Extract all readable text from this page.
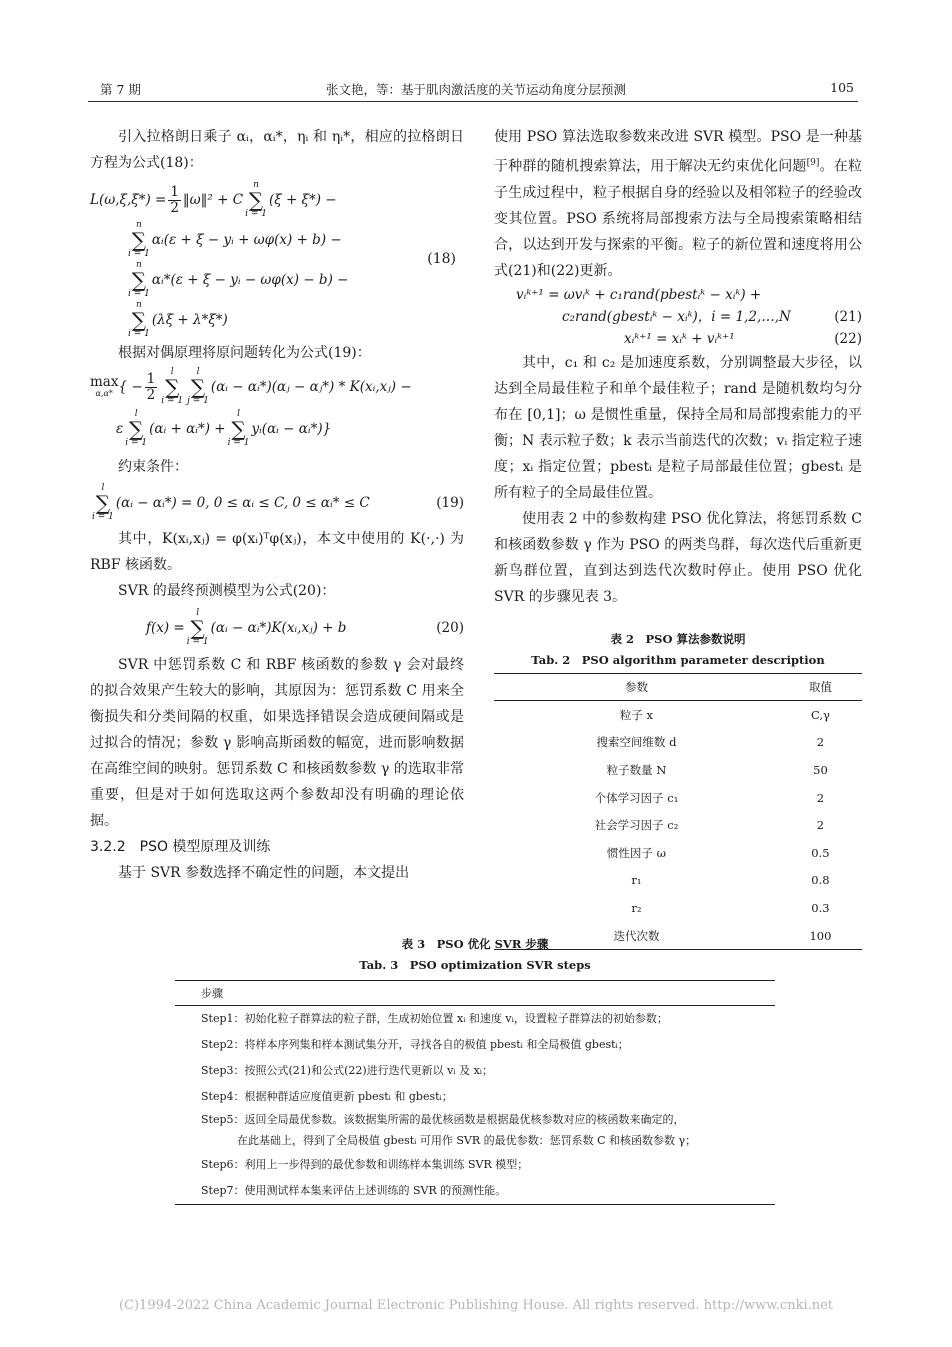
第 7 期	张文艳，等：基于肌肉激活度的关节运动角度分层预测	105

引入拉格朗日乘子 αᵢ，αᵢ*，ηᵢ 和 ηᵢ*，相应的拉格朗日方程为公式(18)：

$L(\omega,\xi,\xi*) = \frac{1}{2}$ ‖ω‖² + C
n
∑
i = 1
(ξ + ξ*) −
n
∑
i = 1
αᵢ(ε + ξ − yᵢ + ωφ(x) + b) −
n
∑
i = 1
αᵢ*(ε + ξ − yᵢ − ωφ(x) − b) −
n
∑
i = 1
(λξ + λ*ξ*)
(18)

根据对偶原理将原问题转化为公式(19)：

max
α,α* { − $\frac{1}{2}$ l
∑
i = 1
l
∑
j = 1
(αᵢ − αᵢ*)(αⱼ − αⱼ*) * K(xᵢ,xⱼ) −
ε
l
∑
i = 1
(αᵢ + αᵢ*) +
l
∑
i = 1
yᵢ(αᵢ − αᵢ*)}

约束条件：

l
∑
i = 1
(αᵢ − αᵢ*) = 0, 0 ≤ αᵢ ≤ C, 0 ≤ αᵢ* ≤ C	(19)

其中，K(xᵢ,xⱼ) = φ(xᵢ)ᵀφ(xⱼ)，本文中使用的 K(·,·) 为 RBF 核函数。

SVR 的最终预测模型为公式(20)：

f(x) =
l
∑
i = 1
(αᵢ − αᵢ*)K(xᵢ,xⱼ) + b	(20)

SVR 中惩罚系数 C 和 RBF 核函数的参数 γ 会对最终的拟合效果产生较大的影响，其原因为：惩罚系数 C 用来全衡损失和分类间隔的权重，如果选择错误会造成硬间隔或是过拟合的情况；参数 γ 影响高斯函数的幅宽，进而影响数据在高维空间的映射。惩罚系数 C 和核函数参数 γ 的选取非常重要，但是对于如何选取这两个参数却没有明确的理论依据。

3.2.2　PSO 模型原理及训练

基于 SVR 参数选择不确定性的问题，本文提出

使用 PSO 算法选取参数来改进 SVR 模型。PSO 是一种基于种群的随机搜索算法，用于解决无约束优化问题[9]。在粒子生成过程中，粒子根据自身的经验以及相邻粒子的经验改变其位置。PSO 系统将局部搜索方法与全局搜索策略相结合，以达到开发与探索的平衡。粒子的新位置和速度将用公式(21)和(22)更新。

vᵢᵏ⁺¹ = ωvᵢᵏ + c₁rand(pbestᵢᵏ − xᵢᵏ) +
c₂rand(gbestᵢᵏ − xᵢᵏ)，i = 1,2,…,N	(21)
xᵢᵏ⁺¹ = xᵢᵏ + vᵢᵏ⁺¹	(22)

其中，c₁ 和 c₂ 是加速度系数，分别调整最大步径，以达到全局最佳粒子和单个最佳粒子；rand 是随机数均匀分布在 [0,1]；ω 是惯性重量，保持全局和局部搜索能力的平衡；N 表示粒子数；k 表示当前迭代的次数；vᵢ 指定粒子速度；xᵢ 指定位置；pbestᵢ 是粒子局部最佳位置；gbestᵢ 是所有粒子的全局最佳位置。

使用表 2 中的参数构建 PSO 优化算法，将惩罚系数 C 和核函数参数 γ 作为 PSO 的两类鸟群，每次迭代后重新更新鸟群位置，直到达到迭代次数时停止。使用 PSO 优化 SVR 的步骤见表 3。

表 2　PSO 算法参数说明
Tab. 2　PSO algorithm parameter description
参数	取值
粒子 x	C,γ
搜索空间维数 d	2
粒子数量 N	50
个体学习因子 c₁	2
社会学习因子 c₂	2
惯性因子 ω	0.5
r₁	0.8
r₂	0.3
迭代次数	100
表 3　PSO 优化 SVR 步骤
Tab. 3　PSO optimization SVR steps
步骤
Step1：初始化粒子群算法的粒子群，生成初始位置 xᵢ 和速度 vᵢ，设置粒子群算法的初始参数；
Step2：将样本序列集和样本测试集分开，寻找各自的极值 pbestᵢ 和全局极值 gbestᵢ；
Step3：按照公式(21)和公式(22)进行迭代更新以 vᵢ 及 xᵢ；
Step4：根据种群适应度值更新 pbestᵢ 和 gbestᵢ；
Step5：返回全局最优参数。该数据集所需的最优核函数是根据最优核参数对应的核函数来确定的，
在此基础上，得到了全局极值 gbestᵢ 可用作 SVR 的最优参数：惩罚系数 C 和核函数参数 γ；
Step6：利用上一步得到的最优参数和训练样本集训练 SVR 模型；
Step7：使用测试样本集来评估上述训练的 SVR 的预测性能。
(C)1994-2022 China Academic Journal Electronic Publishing House. All rights reserved. http://www.cnki.net
